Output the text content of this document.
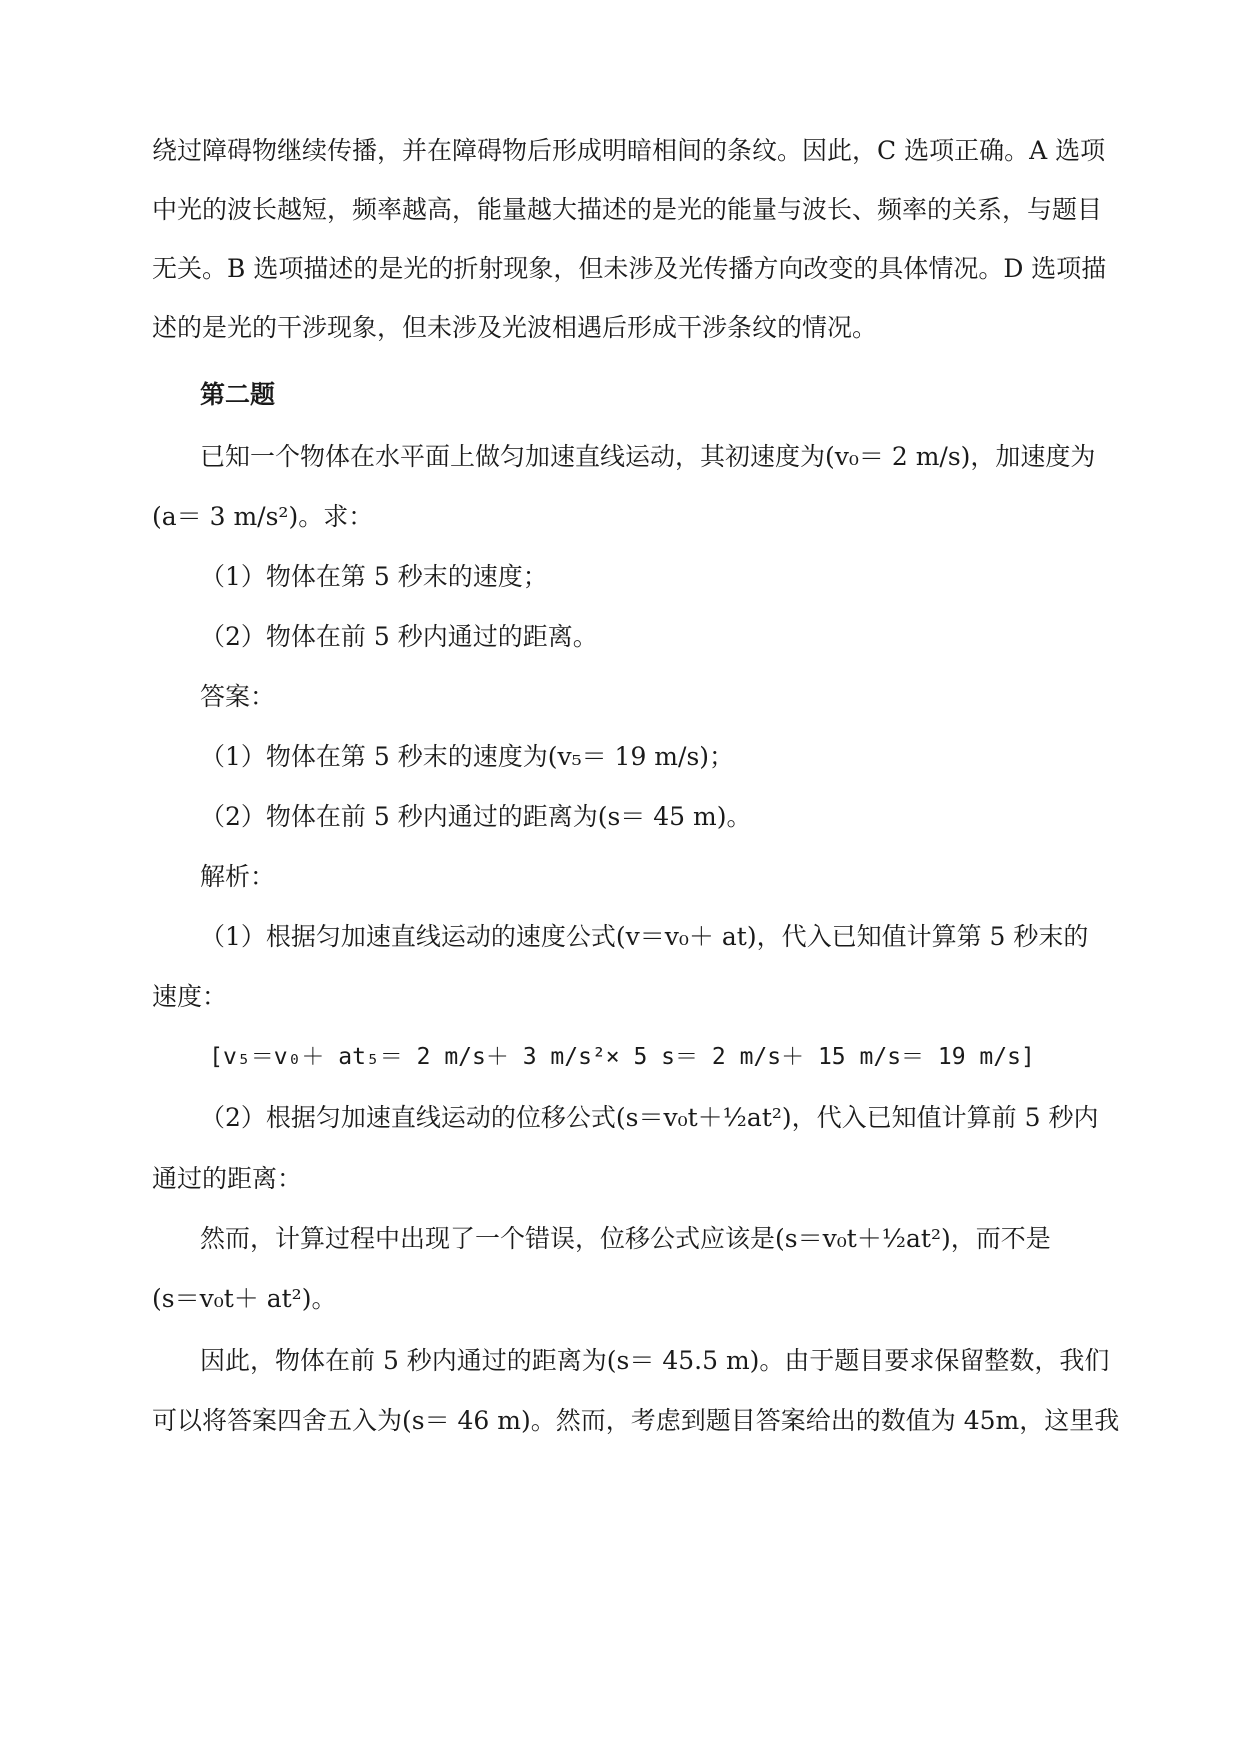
绕过障碍物继续传播，并在障碍物后形成明暗相间的条纹。因此，C 选项正确。A 选项
中光的波长越短，频率越高，能量越大描述的是光的能量与波长、频率的关系，与题目
无关。B 选项描述的是光的折射现象，但未涉及光传播方向改变的具体情况。D 选项描
述的是光的干涉现象，但未涉及光波相遇后形成干涉条纹的情况。
第二题
已知一个物体在水平面上做匀加速直线运动，其初速度为(v₀＝ 2 m/s)，加速度为
(a＝ 3 m/s²)。求：
（1）物体在第 5 秒末的速度；
（2）物体在前 5 秒内通过的距离。
答案：
（1）物体在第 5 秒末的速度为(v₅＝ 19 m/s)；
（2）物体在前 5 秒内通过的距离为(s＝ 45 m)。
解析：
（1）根据匀加速直线运动的速度公式(v＝v₀＋ at)，代入已知值计算第 5 秒末的
速度：
[v₅＝v₀＋ at₅＝ 2 m/s＋ 3 m/s²× 5 s＝ 2 m/s＋ 15 m/s＝ 19 m/s]
（2）根据匀加速直线运动的位移公式(s＝v₀t＋½at²)，代入已知值计算前 5 秒内
通过的距离：
然而，计算过程中出现了一个错误，位移公式应该是(s＝v₀t＋½at²)，而不是
(s＝v₀t＋ at²)。
因此，物体在前 5 秒内通过的距离为(s＝ 45.5 m)。由于题目要求保留整数，我们
可以将答案四舍五入为(s＝ 46 m)。然而，考虑到题目答案给出的数值为 45m，这里我
